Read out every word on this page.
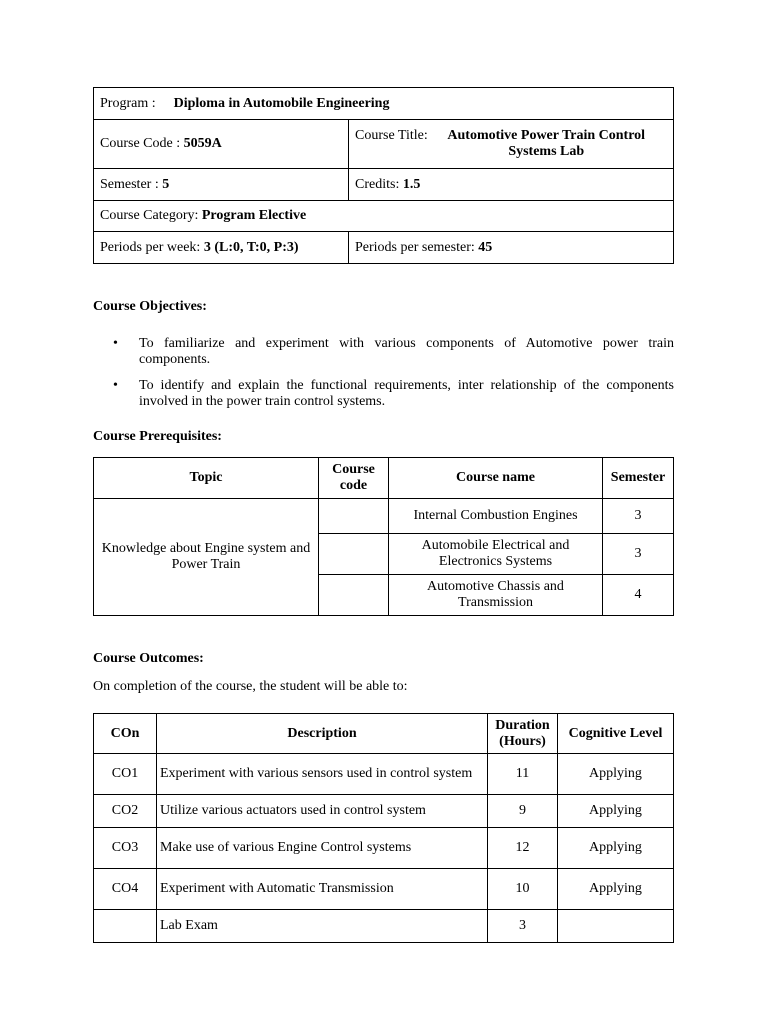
Program : Diploma in Automobile Engineering	
Course Code : 5059A	Course Title:
Automotive Power Train Control
Systems Lab

Semester : 5	Credits: 1.5
Course Category: Program Elective	
Periods per week: 3 (L:0, T:0, P:3)	Periods per semester: 45
Course Objectives:
• To familiarize and experiment with various components of Automotive power train components.
• To identify and explain the functional requirements, inter relationship of the components involved in the power train control systems.
Course Prerequisites:
Topic	Course code	Course name	Semester
Knowledge about Engine system and Power Train		Internal Combustion Engines	3
		Automobile Electrical and Electronics Systems	3
		Automotive Chassis and Transmission	4
Course Outcomes:
On completion of the course, the student will be able to:
COn	Description	Duration (Hours)	Cognitive Level
CO1	Experiment with various sensors used in control system	11	Applying
CO2	Utilize various actuators used in control system	9	Applying
CO3	Make use of various Engine Control systems	12	Applying
CO4	Experiment with Automatic Transmission	10	Applying
	Lab Exam	3	
